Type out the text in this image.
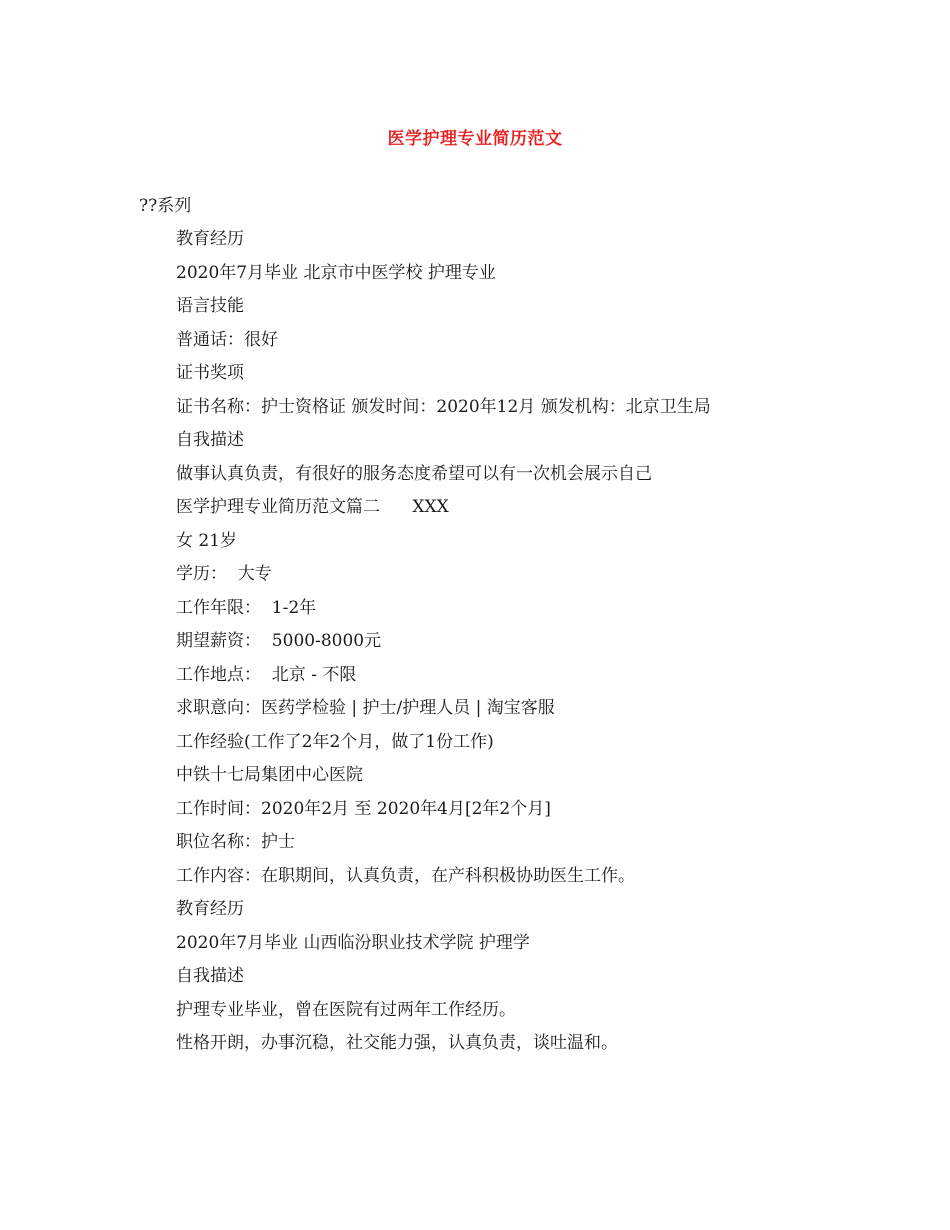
医学护理专业简历范文
??系列
教育经历
2020年7月毕业 北京市中医学校 护理专业
语言技能
普通话：很好
证书奖项
证书名称：护士资格证 颁发时间：2020年12月 颁发机构：北京卫生局
自我描述
做事认真负责，有很好的服务态度希望可以有一次机会展示自己
医学护理专业简历范文篇二      XXX
女 21岁
学历：  大专
工作年限：  1-2年
期望薪资：  5000-8000元
工作地点：  北京 - 不限
求职意向：医药学检验 | 护士/护理人员 | 淘宝客服
工作经验(工作了2年2个月，做了1份工作)
中铁十七局集团中心医院
工作时间：2020年2月 至 2020年4月[2年2个月]
职位名称：护士
工作内容：在职期间，认真负责，在产科积极协助医生工作。
教育经历
2020年7月毕业 山西临汾职业技术学院 护理学
自我描述
护理专业毕业，曾在医院有过两年工作经历。
性格开朗，办事沉稳，社交能力强，认真负责，谈吐温和。
